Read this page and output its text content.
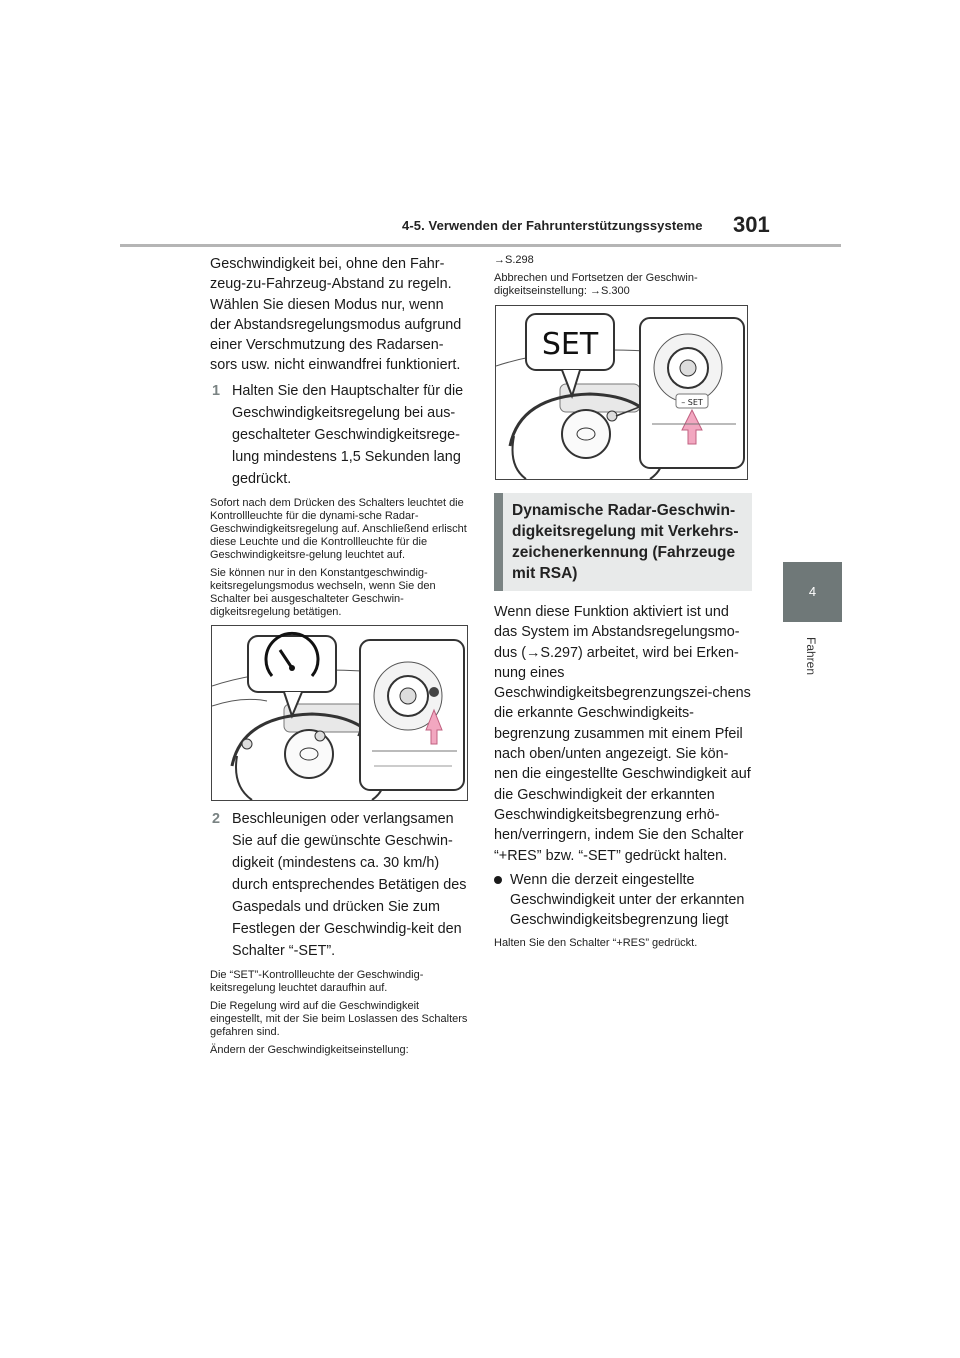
4-5. Verwenden der Fahrunterstützungssysteme 301
4
Fahren

Geschwindigkeit bei, ohne den Fahr-zeug-zu-Fahrzeug-Abstand zu regeln. Wählen Sie diesen Modus nur, wenn der Abstandsregelungsmodus aufgrund einer Verschmutzung des Radarsen-sors usw. nicht einwandfrei funktioniert.

1 Halten Sie den Hauptschalter für die Geschwindigkeitsregelung bei aus-geschalteter Geschwindigkeitsrege-lung mindestens 1,5 Sekunden lang gedrückt.

Sofort nach dem Drücken des Schalters leuchtet die Kontrollleuchte für die dynami-sche Radar-Geschwindigkeitsregelung auf. Anschließend erlischt diese Leuchte und die Kontrollleuchte für die Geschwindigkeitsre-gelung leuchtet auf.

Sie können nur in den Konstantgeschwindig-keitsregelungsmodus wechseln, wenn Sie den Schalter bei ausgeschalteter Geschwin-digkeitsregelung betätigen.

2 Beschleunigen oder verlangsamen Sie auf die gewünschte Geschwin-digkeit (mindestens ca. 30 km/h) durch entsprechendes Betätigen des Gaspedals und drücken Sie zum Festlegen der Geschwindig-keit den Schalter “-SET”.

Die “SET”-Kontrollleuchte der Geschwindig-keitsregelung leuchtet daraufhin auf.

Die Regelung wird auf die Geschwindigkeit eingestellt, mit der Sie beim Loslassen des Schalters gefahren sind.

Ändern der Geschwindigkeitseinstellung:

→S.298

Abbrechen und Fortsetzen der Geschwin-digkeitseinstellung: →S.300

SET
– SET
Dynamische Radar-Geschwin-digkeitsregelung mit Verkehrs-zeichenerkennung (Fahrzeuge mit RSA)

Wenn diese Funktion aktiviert ist und das System im Abstandsregelungsmo-dus (→S.297) arbeitet, wird bei Erken-nung eines Geschwindigkeitsbegrenzungszei-chens die erkannte Geschwindigkeits-begrenzung zusammen mit einem Pfeil nach oben/unten angezeigt. Sie kön-nen die eingestellte Geschwindigkeit auf die Geschwindigkeit der erkannten Geschwindigkeitsbegrenzung erhö-hen/verringern, indem Sie den Schalter “+RES” bzw. “-SET” gedrückt halten.

Wenn die derzeit eingestellte Geschwindigkeit unter der erkannten Geschwindigkeitsbegrenzung liegt

Halten Sie den Schalter “+RES” gedrückt.
